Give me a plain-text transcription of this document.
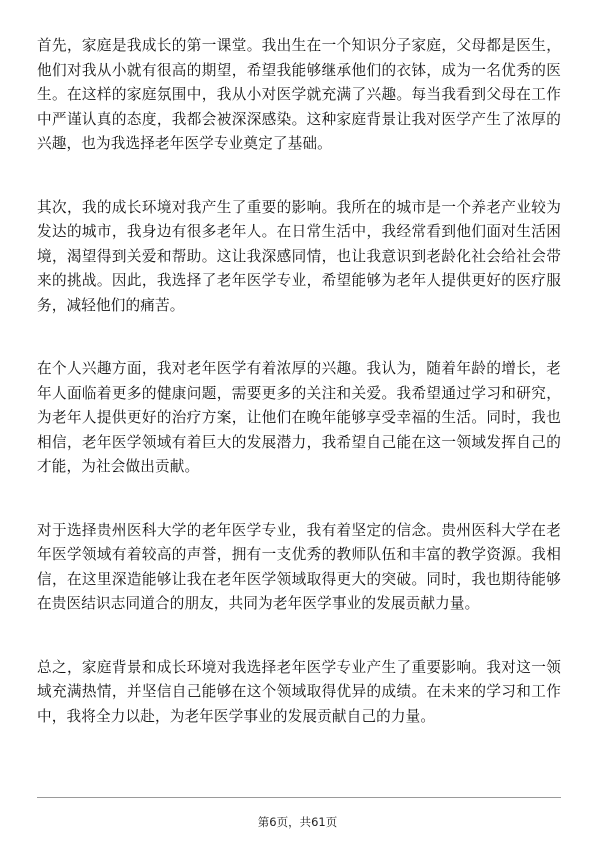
首先，家庭是我成长的第一课堂。我出生在一个知识分子家庭，父母都是医生，他们对我从小就有很高的期望，希望我能够继承他们的衣钵，成为一名优秀的医生。在这样的家庭氛围中，我从小对医学就充满了兴趣。每当我看到父母在工作中严谨认真的态度，我都会被深深感染。这种家庭背景让我对医学产生了浓厚的兴趣，也为我选择老年医学专业奠定了基础。

其次，我的成长环境对我产生了重要的影响。我所在的城市是一个养老产业较为发达的城市，我身边有很多老年人。在日常生活中，我经常看到他们面对生活困境，渴望得到关爱和帮助。这让我深感同情，也让我意识到老龄化社会给社会带来的挑战。因此，我选择了老年医学专业，希望能够为老年人提供更好的医疗服务，减轻他们的痛苦。

在个人兴趣方面，我对老年医学有着浓厚的兴趣。我认为，随着年龄的增长，老年人面临着更多的健康问题，需要更多的关注和关爱。我希望通过学习和研究，为老年人提供更好的治疗方案，让他们在晚年能够享受幸福的生活。同时，我也相信，老年医学领域有着巨大的发展潜力，我希望自己能在这一领域发挥自己的才能，为社会做出贡献。

对于选择贵州医科大学的老年医学专业，我有着坚定的信念。贵州医科大学在老年医学领域有着较高的声誉，拥有一支优秀的教师队伍和丰富的教学资源。我相信，在这里深造能够让我在老年医学领域取得更大的突破。同时，我也期待能够在贵医结识志同道合的朋友，共同为老年医学事业的发展贡献力量。

总之，家庭背景和成长环境对我选择老年医学专业产生了重要影响。我对这一领域充满热情，并坚信自己能够在这个领域取得优异的成绩。在未来的学习和工作中，我将全力以赴，为老年医学事业的发展贡献自己的力量。

第6页，共61页
